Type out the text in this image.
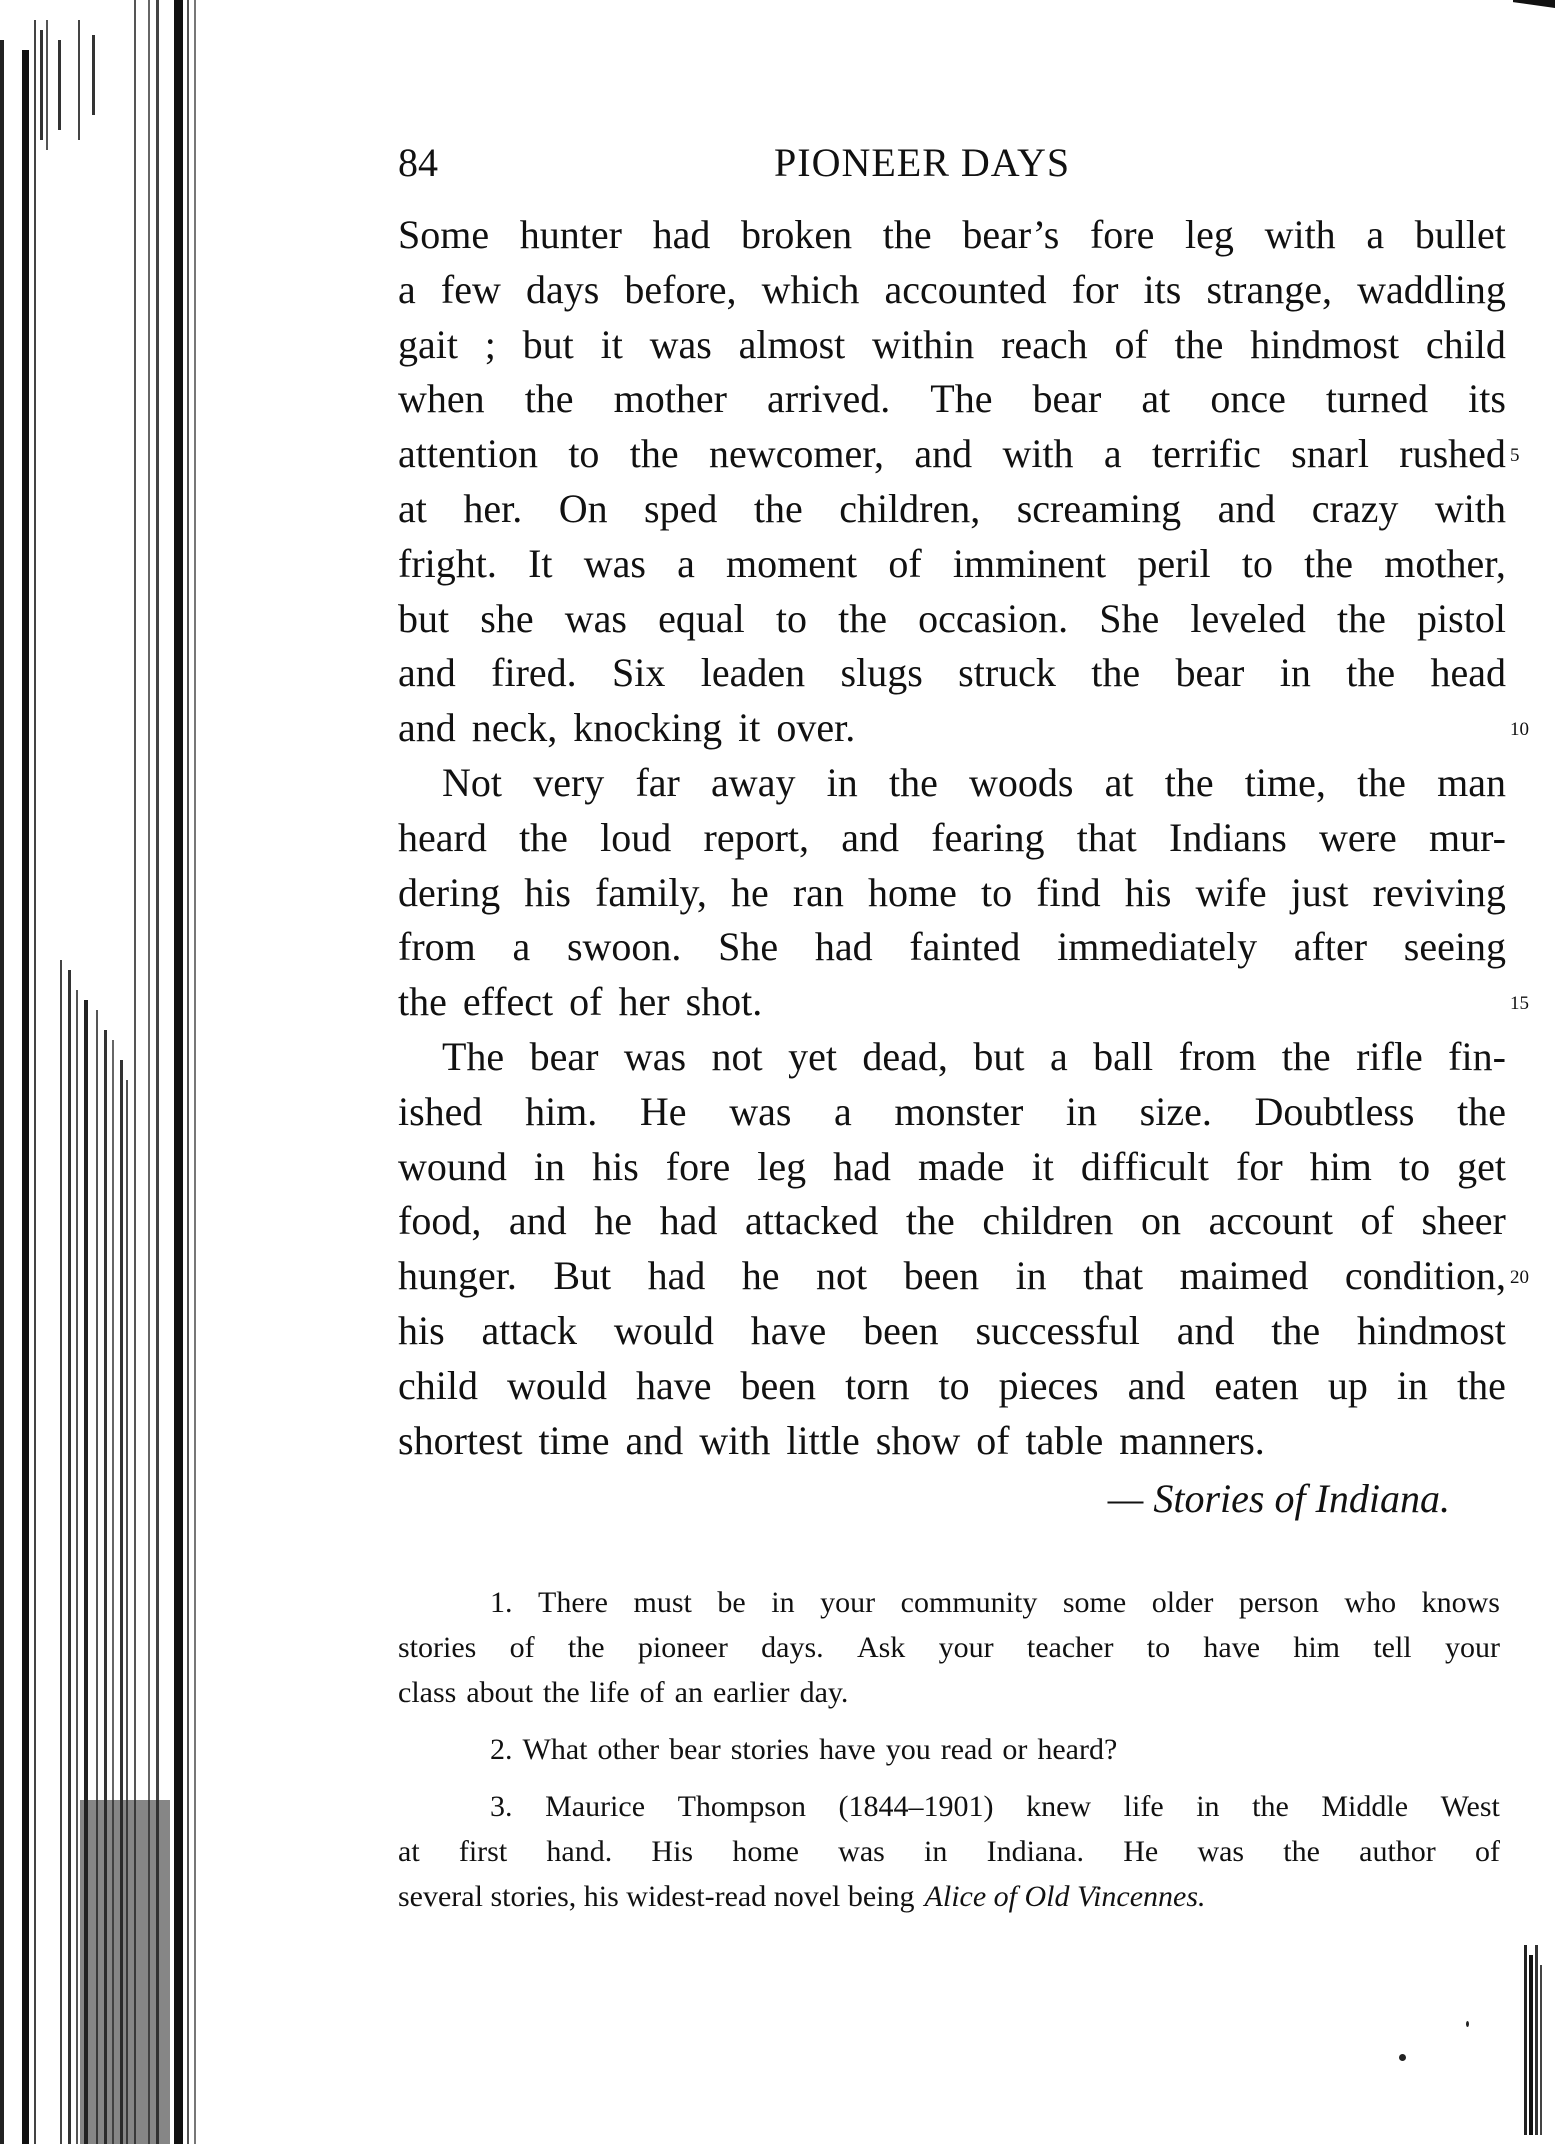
84	PIONEER DAYS
Some hunter had broken the bear’s fore leg with a bullet
a few days before, which accounted for its strange, waddling
gait ; but it was almost within reach of the hindmost child
when the mother arrived. The bear at once turned its
attention to the newcomer, and with a terrific snarl rushed 5
at her. On sped the children, screaming and crazy with
fright. It was a moment of imminent peril to the mother,
but she was equal to the occasion. She leveled the pistol
and fired. Six leaden slugs struck the bear in the head
and neck, knocking it over.	10
Not very far away in the woods at the time, the man
heard the loud report, and fearing that Indians were mur-
dering his family, he ran home to find his wife just reviving
from a swoon. She had fainted immediately after seeing
the effect of her shot.	15
The bear was not yet dead, but a ball from the rifle fin-
ished him. He was a monster in size. Doubtless the
wound in his fore leg had made it difficult for him to get
food, and he had attacked the children on account of sheer
hunger. But had he not been in that maimed condition, 20
his attack would have been successful and the hindmost
child would have been torn to pieces and eaten up in the
shortest time and with little show of table manners.
— Stories of Indiana.
1. There must be in your community some older person who knows
stories of the pioneer days. Ask your teacher to have him tell your
class about the life of an earlier day.
2. What other bear stories have you read or heard?
3. Maurice Thompson (1844–1901) knew life in the Middle West
at first hand. His home was in Indiana. He was the author of
several stories, his widest-read novel being Alice of Old Vincennes.
